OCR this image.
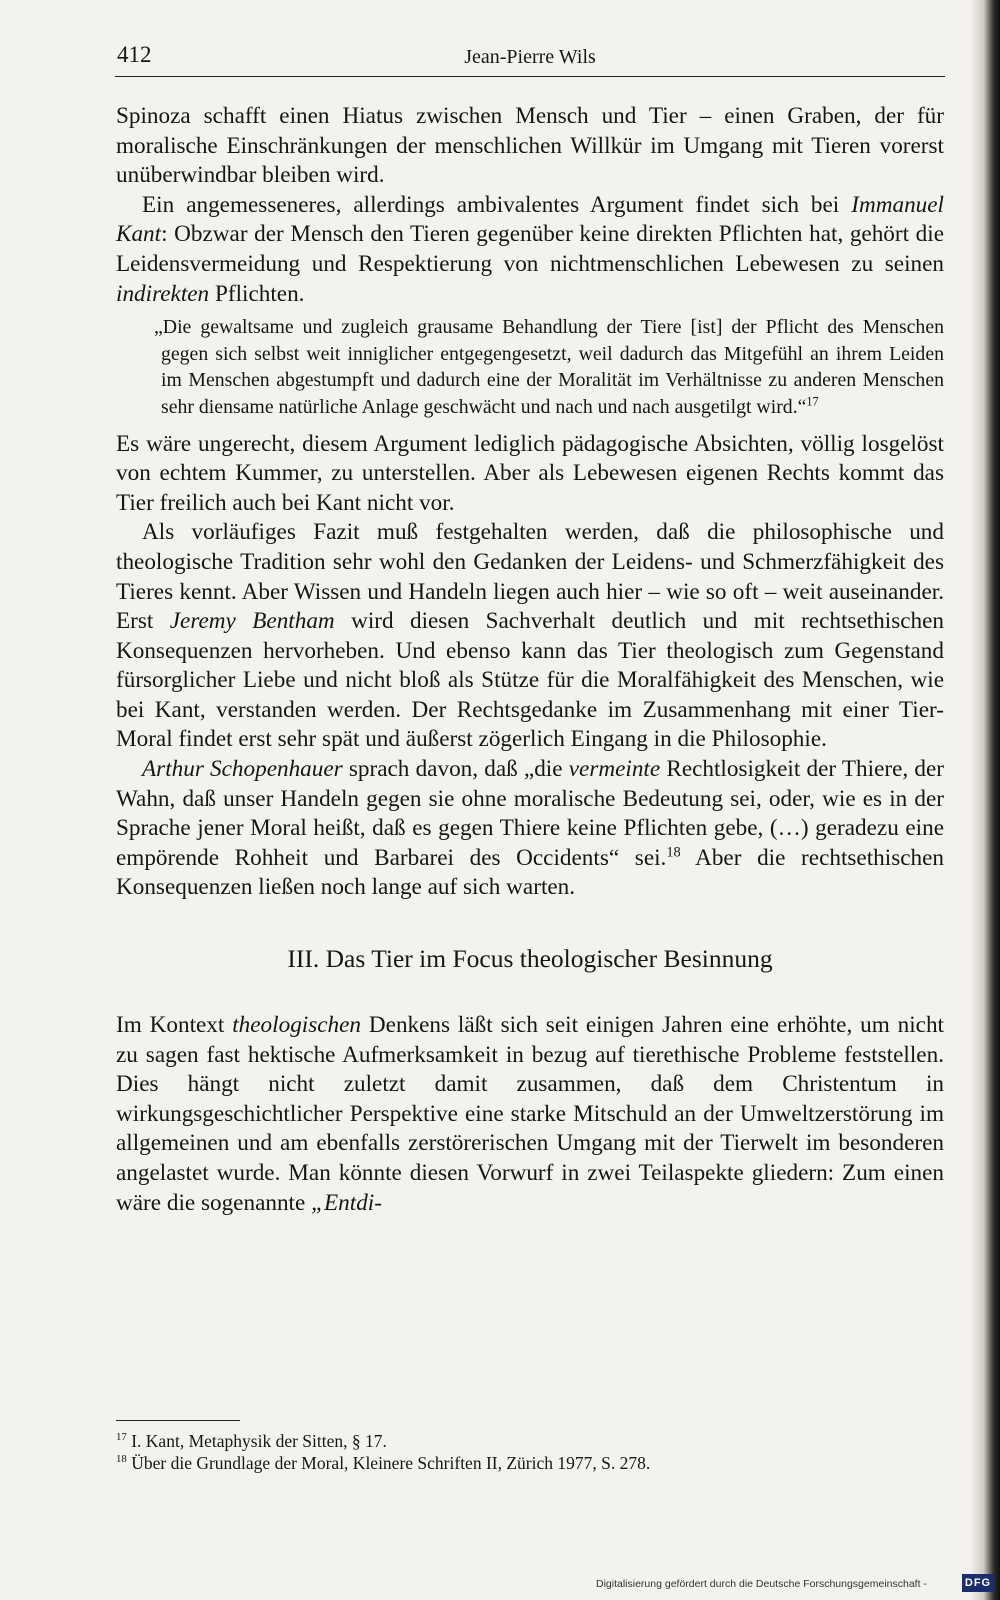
412	Jean-Pierre Wils

Spinoza schafft einen Hiatus zwischen Mensch und Tier – einen Graben, der für moralische Einschränkungen der menschlichen Willkür im Umgang mit Tieren vorerst unüberwindbar bleiben wird.

Ein angemesseneres, allerdings ambivalentes Argument findet sich bei Immanuel Kant: Obzwar der Mensch den Tieren gegenüber keine direkten Pflichten hat, gehört die Leidensvermeidung und Respektierung von nichtmenschlichen Lebewesen zu seinen indirekten Pflichten.

„Die gewaltsame und zugleich grausame Behandlung der Tiere [ist] der Pflicht des Menschen gegen sich selbst weit inniglicher entgegengesetzt, weil dadurch das Mitgefühl an ihrem Leiden im Menschen abgestumpft und dadurch eine der Moralität im Verhältnisse zu anderen Menschen sehr diensame natürliche Anlage geschwächt und nach und nach ausgetilgt wird.“$^{17}$

Es wäre ungerecht, diesem Argument lediglich pädagogische Absichten, völlig losgelöst von echtem Kummer, zu unterstellen. Aber als Lebewesen eigenen Rechts kommt das Tier freilich auch bei Kant nicht vor.

Als vorläufiges Fazit muß festgehalten werden, daß die philosophische und theologische Tradition sehr wohl den Gedanken der Leidens- und Schmerzfähigkeit des Tieres kennt. Aber Wissen und Handeln liegen auch hier – wie so oft – weit auseinander. Erst Jeremy Bentham wird diesen Sachverhalt deutlich und mit rechtsethischen Konsequenzen hervorheben. Und ebenso kann das Tier theologisch zum Gegenstand fürsorglicher Liebe und nicht bloß als Stütze für die Moralfähigkeit des Menschen, wie bei Kant, verstanden werden. Der Rechtsgedanke im Zusammenhang mit einer Tier-Moral findet erst sehr spät und äußerst zögerlich Eingang in die Philosophie.

Arthur Schopenhauer sprach davon, daß „die vermeinte Rechtlosigkeit der Thiere, der Wahn, daß unser Handeln gegen sie ohne moralische Bedeutung sei, oder, wie es in der Sprache jener Moral heißt, daß es gegen Thiere keine Pflichten gebe, (…) geradezu eine empörende Rohheit und Barbarei des Occidents“ sei.$^{18}$ Aber die rechtsethischen Konsequenzen ließen noch lange auf sich warten.

III. Das Tier im Focus theologischer Besinnung

Im Kontext theologischen Denkens läßt sich seit einigen Jahren eine erhöhte, um nicht zu sagen fast hektische Aufmerksamkeit in bezug auf tierethische Probleme feststellen. Dies hängt nicht zuletzt damit zusammen, daß dem Christentum in wirkungsgeschichtlicher Perspektive eine starke Mitschuld an der Umweltzerstörung im allgemeinen und am ebenfalls zerstörerischen Umgang mit der Tierwelt im besonderen angelastet wurde. Man könnte diesen Vorwurf in zwei Teilaspekte gliedern: Zum einen wäre die sogenannte „Entdi-

$^{17}$ I. Kant, Metaphysik der Sitten, § 17.
$^{18}$ Über die Grundlage der Moral, Kleinere Schriften II, Zürich 1977, S. 278.
Digitalisierung gefördert durch die Deutsche Forschungsgemeinschaft -	DFG
